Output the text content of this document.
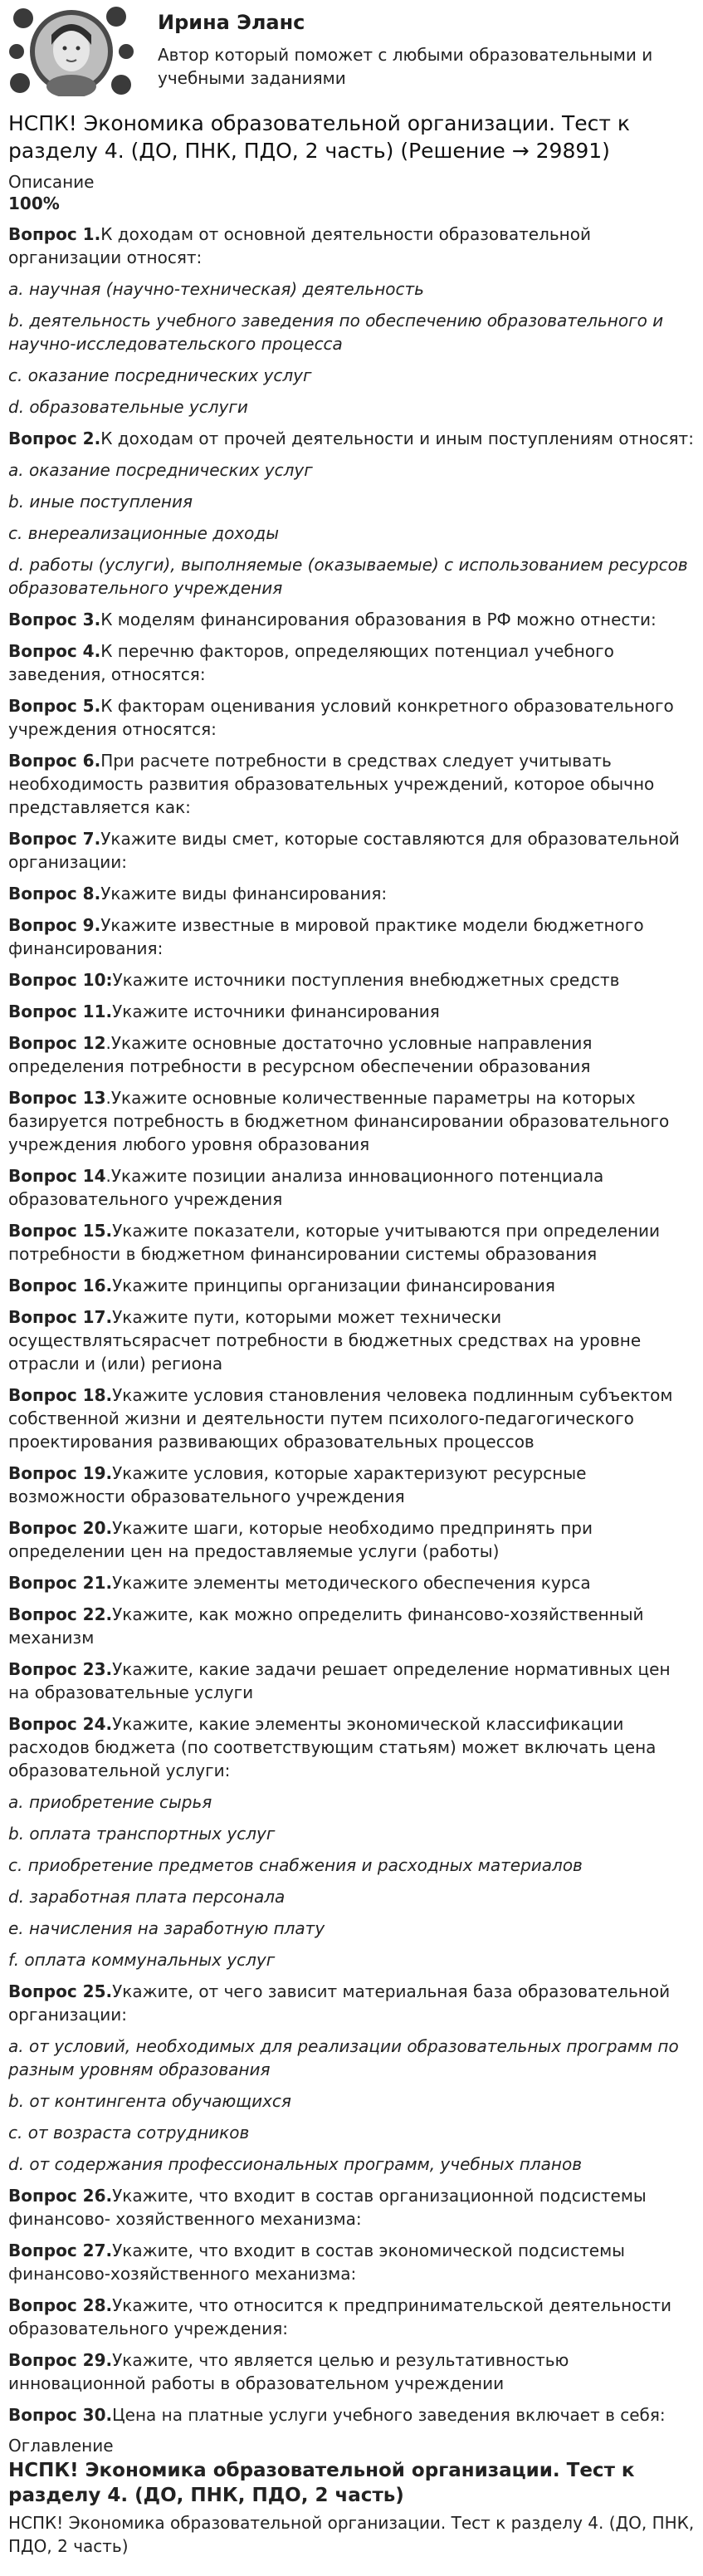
Ирина Эланс
Автор который поможет с любыми образовательными и учебными заданиями
НСПК! Экономика образовательной организации. Тест к разделу 4. (ДО, ПНК, ПДО, 2 часть) (Решение → 29891)
Описание
100%
Вопрос 1.К доходам от основной деятельности образовательной организации относят:
a. научная (научно-техническая) деятельность
b. деятельность учебного заведения по обеспечению образовательного и научно-исследовательского процесса
c. оказание посреднических услуг
d. образовательные услуги
Вопрос 2.К доходам от прочей деятельности и иным поступлениям относят:
a. оказание посреднических услуг
b. иные поступления
c. внереализационные доходы
d. работы (услуги), выполняемые (оказываемые) с использованием ресурсов образовательного учреждения
Вопрос 3.К моделям финансирования образования в РФ можно отнести:
Вопрос 4.К перечню факторов, определяющих потенциал учебного заведения, относятся:
Вопрос 5.К факторам оценивания условий конкретного образовательного учреждения относятся:
Вопрос 6.При расчете потребности в средствах следует учитывать необходимость развития образовательных учреждений, которое обычно представляется как:
Вопрос 7.Укажите виды смет, которые составляются для образовательной организации:
Вопрос 8.Укажите виды финансирования:
Вопрос 9.Укажите известные в мировой практике модели бюджетного финансирования:
Вопрос 10:Укажите источники поступления внебюджетных средств
Вопрос 11.Укажите источники финансирования
Вопрос 12.Укажите основные достаточно условные направления определения потребности в ресурсном обеспечении образования
Вопрос 13.Укажите основные количественные параметры на которых базируется потребность в бюджетном финансировании образовательного учреждения любого уровня образования
Вопрос 14.Укажите позиции анализа инновационного потенциала образовательного учреждения
Вопрос 15.Укажите показатели, которые учитываются при определении потребности в бюджетном финансировании системы образования
Вопрос 16.Укажите принципы организации финансирования
Вопрос 17.Укажите пути, которыми может технически осуществлятьсярасчет потребности в бюджетных средствах на уровне отрасли и (или) региона
Вопрос 18.Укажите условия становления человека подлинным субъектом собственной жизни и деятельности путем психолого-педагогического проектирования развивающих образовательных процессов
Вопрос 19.Укажите условия, которые характеризуют ресурсные возможности образовательного учреждения
Вопрос 20.Укажите шаги, которые необходимо предпринять при определении цен на предоставляемые услуги (работы)
Вопрос 21.Укажите элементы методического обеспечения курса
Вопрос 22.Укажите, как можно определить финансово-хозяйственный механизм
Вопрос 23.Укажите, какие задачи решает определение нормативных цен на образовательные услуги
Вопрос 24.Укажите, какие элементы экономической классификации расходов бюджета (по соответствующим статьям) может включать цена образовательной услуги:
a. приобретение сырья
b. оплата транспортных услуг
c. приобретение предметов снабжения и расходных материалов
d. заработная плата персонала
e. начисления на заработную плату
f. оплата коммунальных услуг
Вопрос 25.Укажите, от чего зависит материальная база образовательной организации:
a. от условий, необходимых для реализации образовательных программ по разным уровням образования
b. от контингента обучающихся
c. от возраста сотрудников
d. от содержания профессиональных программ, учебных планов
Вопрос 26.Укажите, что входит в состав организационной подсистемы финансово- хозяйственного механизма:
Вопрос 27.Укажите, что входит в состав экономической подсистемы финансово-хозяйственного механизма:
Вопрос 28.Укажите, что относится к предпринимательской деятельности образовательного учреждения:
Вопрос 29.Укажите, что является целью и результативностью инновационной работы в образовательном учреждении
Вопрос 30.Цена на платные услуги учебного заведения включает в себя:
Оглавление
НСПК! Экономика образовательной организации. Тест к разделу 4. (ДО, ПНК, ПДО, 2 часть)
НСПК! Экономика образовательной организации. Тест к разделу 4. (ДО, ПНК, ПДО, 2 часть)
